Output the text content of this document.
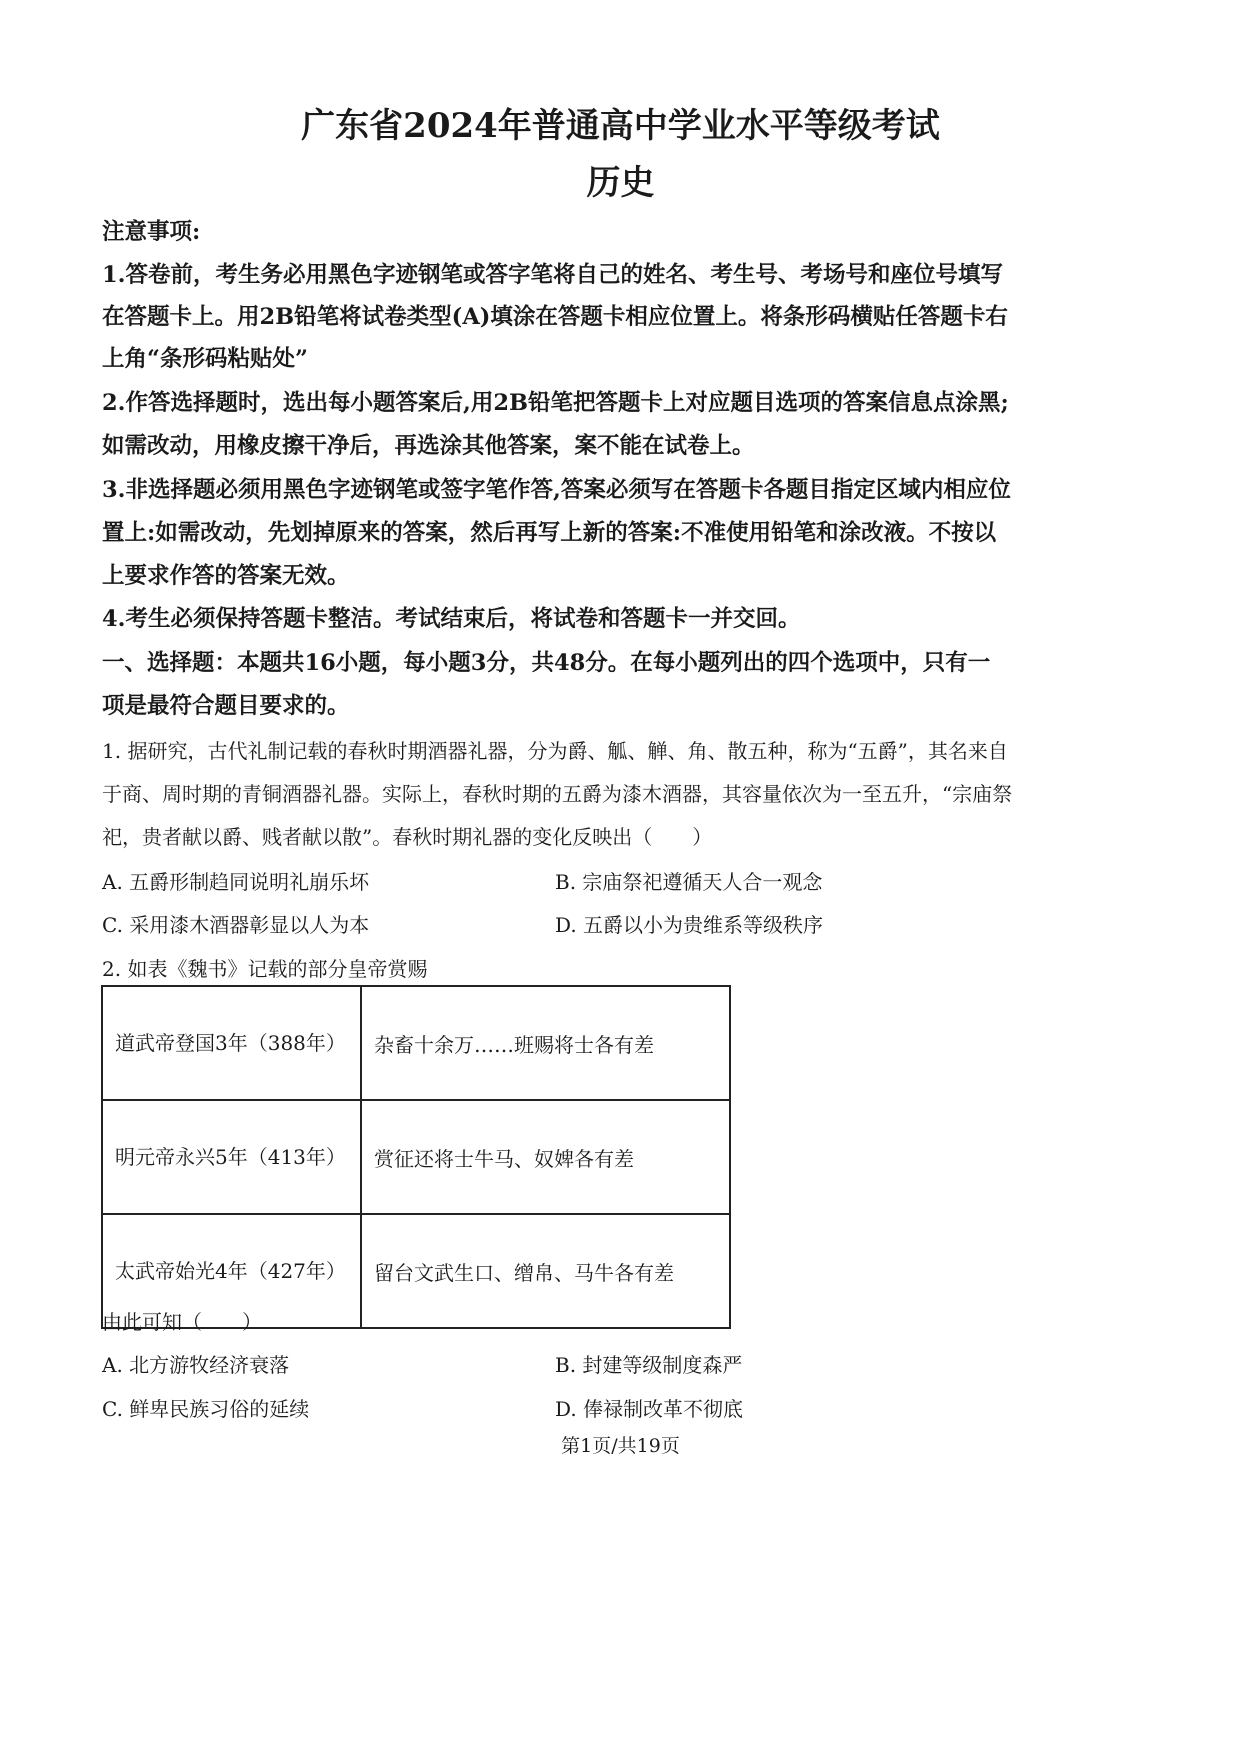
广东省2024年普通高中学业水平等级考试
历史
注意事项:
1.答卷前，考生务必用黑色字迹钢笔或答字笔将自己的姓名、考生号、考场号和座位号填写
在答题卡上。用2B铅笔将试卷类型(A)填涂在答题卡相应位置上。将条形码横贴任答题卡右
上角“条形码粘贴处”
2.作答选择题时，选出每小题答案后,用2B铅笔把答题卡上对应题目选项的答案信息点涂黑;
如需改动，用橡皮擦干净后，再选涂其他答案，案不能在试卷上。
3.非选择题必须用黑色字迹钢笔或签字笔作答,答案必须写在答题卡各题目指定区域内相应位
置上:如需改动，先划掉原来的答案，然后再写上新的答案:不准使用铅笔和涂改液。不按以
上要求作答的答案无效。
4.考生必须保持答题卡整洁。考试结束后，将试卷和答题卡一并交回。
一、选择题：本题共16小题，每小题3分，共48分。在每小题列出的四个选项中，只有一
项是最符合题目要求的。
1. 据研究，古代礼制记载的春秋时期酒器礼器，分为爵、觚、觯、角、散五种，称为“五爵”，其名来自
于商、周时期的青铜酒器礼器。实际上，春秋时期的五爵为漆木酒器，其容量依次为一至五升，“宗庙祭
祀，贵者献以爵、贱者献以散”。春秋时期礼器的变化反映出（　　）
A. 五爵形制趋同说明礼崩乐坏	B. 宗庙祭祀遵循天人合一观念
C. 采用漆木酒器彰显以人为本	D. 五爵以小为贵维系等级秩序
2. 如表《魏书》记载的部分皇帝赏赐
道武帝登国3年（388年）	杂畜十余万……班赐将士各有差
明元帝永兴5年（413年）	赏征还将士牛马、奴婢各有差
太武帝始光4年（427年）	留台文武生口、缯帛、马牛各有差
由此可知（　　）
A. 北方游牧经济衰落	B. 封建等级制度森严
C. 鲜卑民族习俗的延续	D. 俸禄制改革不彻底
第1页/共19页
